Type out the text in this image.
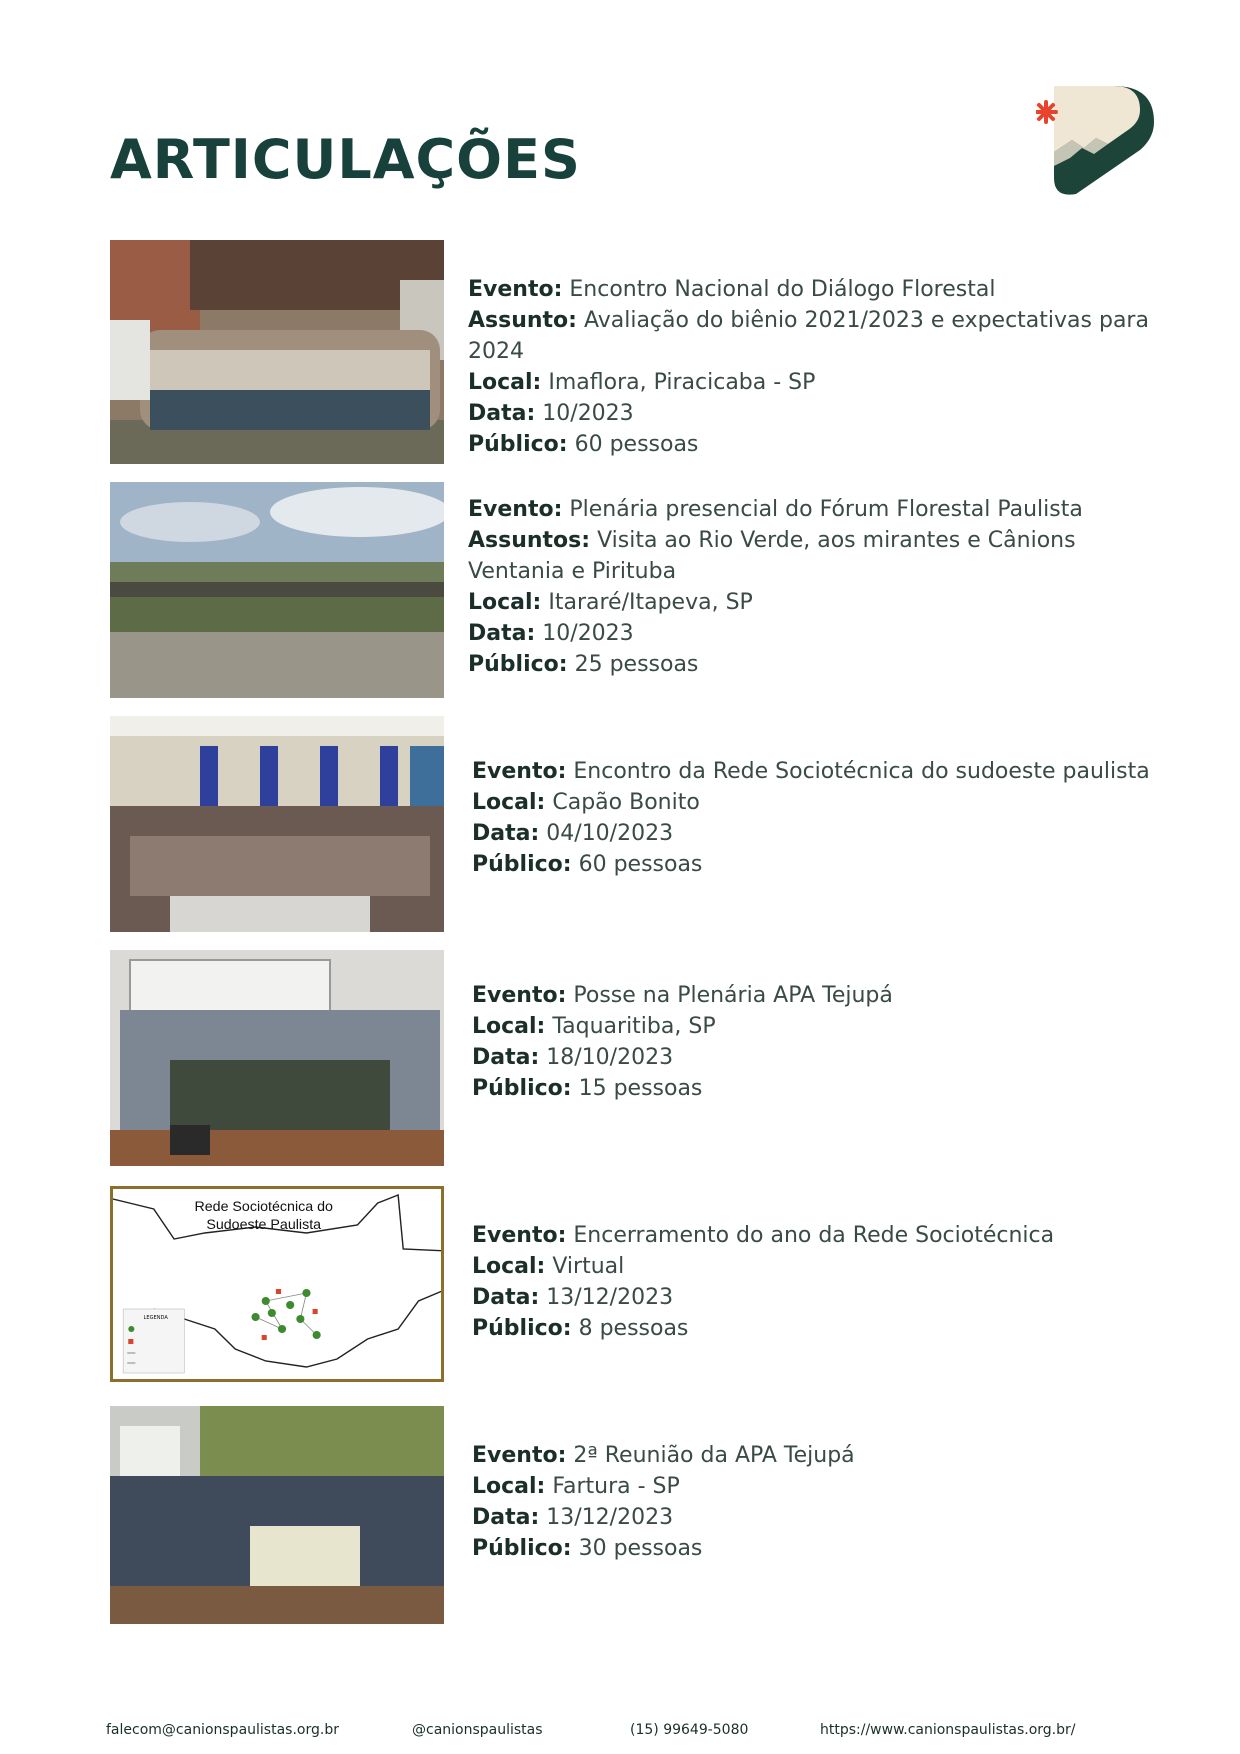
ARTICULAÇÕES

Evento: Encontro Nacional do Diálogo Florestal

Assunto: Avaliação do biênio 2021/2023 e expectativas para 2024

Local: Imaflora, Piracicaba - SP

Data: 10/2023

Público: 60 pessoas

Evento: Plenária presencial do Fórum Florestal Paulista

Assuntos: Visita ao Rio Verde, aos mirantes e Cânions Ventania e Pirituba

Local: Itararé/Itapeva, SP

Data: 10/2023

Público: 25 pessoas

Evento: Encontro da Rede Sociotécnica do sudoeste paulista

Local: Capão Bonito

Data: 04/10/2023

Público: 60 pessoas

Evento: Posse na Plenária APA Tejupá

Local: Taquaritiba, SP

Data: 18/10/2023

Público: 15 pessoas

Rede Sociotécnica do
Sudoeste Paulista
LEGENDA

Evento: Encerramento do ano da Rede Sociotécnica

Local: Virtual

Data: 13/12/2023

Público: 8 pessoas

Evento: 2ª Reunião da APA Tejupá

Local: Fartura - SP

Data: 13/12/2023

Público: 30 pessoas

falecom@canionspaulistas.org.br	@canionspaulistas	(15) 99649-5080	https://www.canionspaulistas.org.br/
